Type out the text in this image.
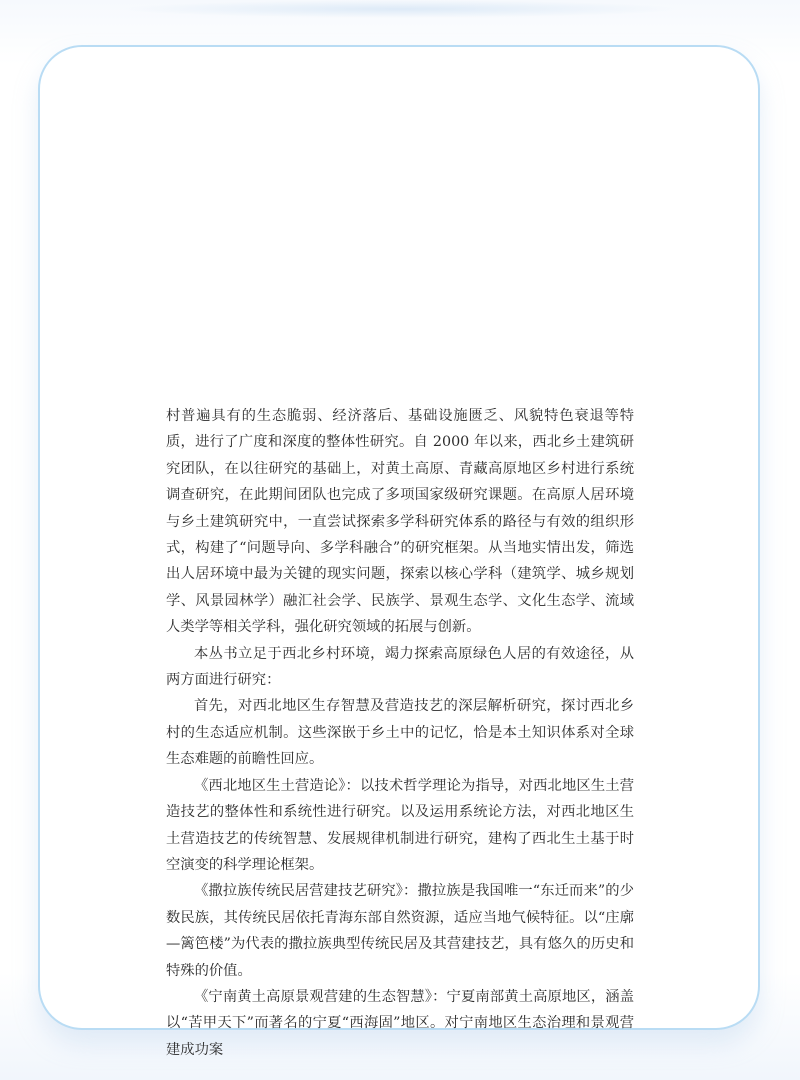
村普遍具有的生态脆弱、经济落后、基础设施匮乏、风貌特色衰退等特质，进行了广度和深度的整体性研究。自 2000 年以来，西北乡土建筑研究团队，在以往研究的基础上，对黄土高原、青藏高原地区乡村进行系统调查研究，在此期间团队也完成了多项国家级研究课题。在高原人居环境与乡土建筑研究中，一直尝试探索多学科研究体系的路径与有效的组织形式，构建了“问题导向、多学科融合”的研究框架。从当地实情出发，筛选出人居环境中最为关键的现实问题，探索以核心学科（建筑学、城乡规划学、风景园林学）融汇社会学、民族学、景观生态学、文化生态学、流域人类学等相关学科，强化研究领域的拓展与创新。

本丛书立足于西北乡村环境，竭力探索高原绿色人居的有效途径，从两方面进行研究：

首先，对西北地区生存智慧及营造技艺的深层解析研究，探讨西北乡村的生态适应机制。这些深嵌于乡土中的记忆，恰是本土知识体系对全球生态难题的前瞻性回应。

《西北地区生土营造论》：以技术哲学理论为指导，对西北地区生土营造技艺的整体性和系统性进行研究。以及运用系统论方法，对西北地区生土营造技艺的传统智慧、发展规律机制进行研究，建构了西北生土基于时空演变的科学理论框架。

《撒拉族传统民居营建技艺研究》：撒拉族是我国唯一“东迁而来”的少数民族，其传统民居依托青海东部自然资源，适应当地气候特征。以“庄廓—篱笆楼”为代表的撒拉族典型传统民居及其营建技艺，具有悠久的历史和特殊的价值。

《宁南黄土高原景观营建的生态智慧》：宁夏南部黄土高原地区，涵盖以“苦甲天下”而著名的宁夏“西海固”地区。对宁南地区生态治理和景观营建成功案
